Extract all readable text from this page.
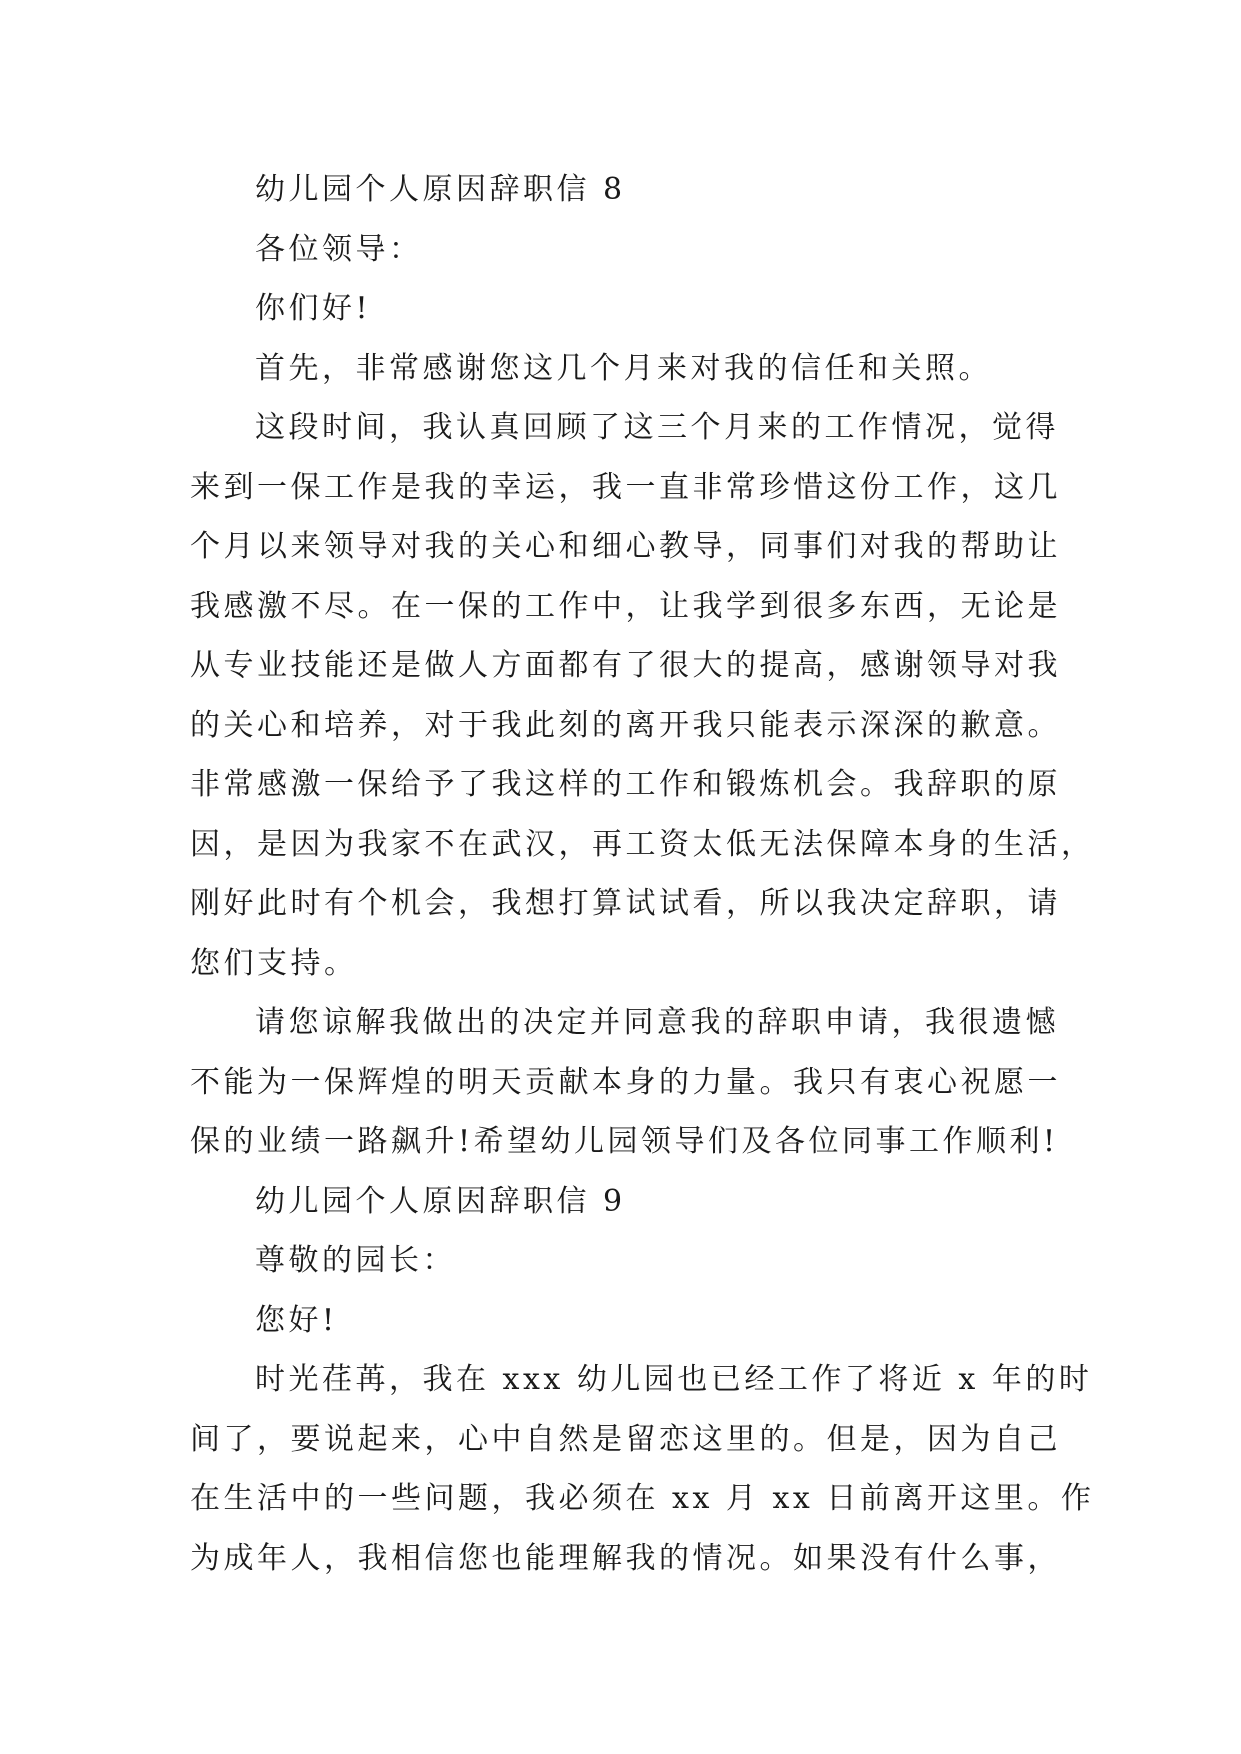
幼儿园个人原因辞职信 8
各位领导：
你们好!
首先，非常感谢您这几个月来对我的信任和关照。
这段时间，我认真回顾了这三个月来的工作情况，觉得
来到一保工作是我的幸运，我一直非常珍惜这份工作，这几
个月以来领导对我的关心和细心教导，同事们对我的帮助让
我感激不尽。在一保的工作中，让我学到很多东西，无论是
从专业技能还是做人方面都有了很大的提高，感谢领导对我
的关心和培养，对于我此刻的离开我只能表示深深的歉意。
非常感激一保给予了我这样的工作和锻炼机会。我辞职的原
因，是因为我家不在武汉，再工资太低无法保障本身的生活，
刚好此时有个机会，我想打算试试看，所以我决定辞职，请
您们支持。
请您谅解我做出的决定并同意我的辞职申请，我很遗憾
不能为一保辉煌的明天贡献本身的力量。我只有衷心祝愿一
保的业绩一路飙升!希望幼儿园领导们及各位同事工作顺利!
幼儿园个人原因辞职信 9
尊敬的园长：
您好!
时光荏苒，我在 xxx 幼儿园也已经工作了将近 x 年的时
间了，要说起来，心中自然是留恋这里的。但是，因为自己
在生活中的一些问题，我必须在 xx 月 xx 日前离开这里。作
为成年人，我相信您也能理解我的情况。如果没有什么事，
